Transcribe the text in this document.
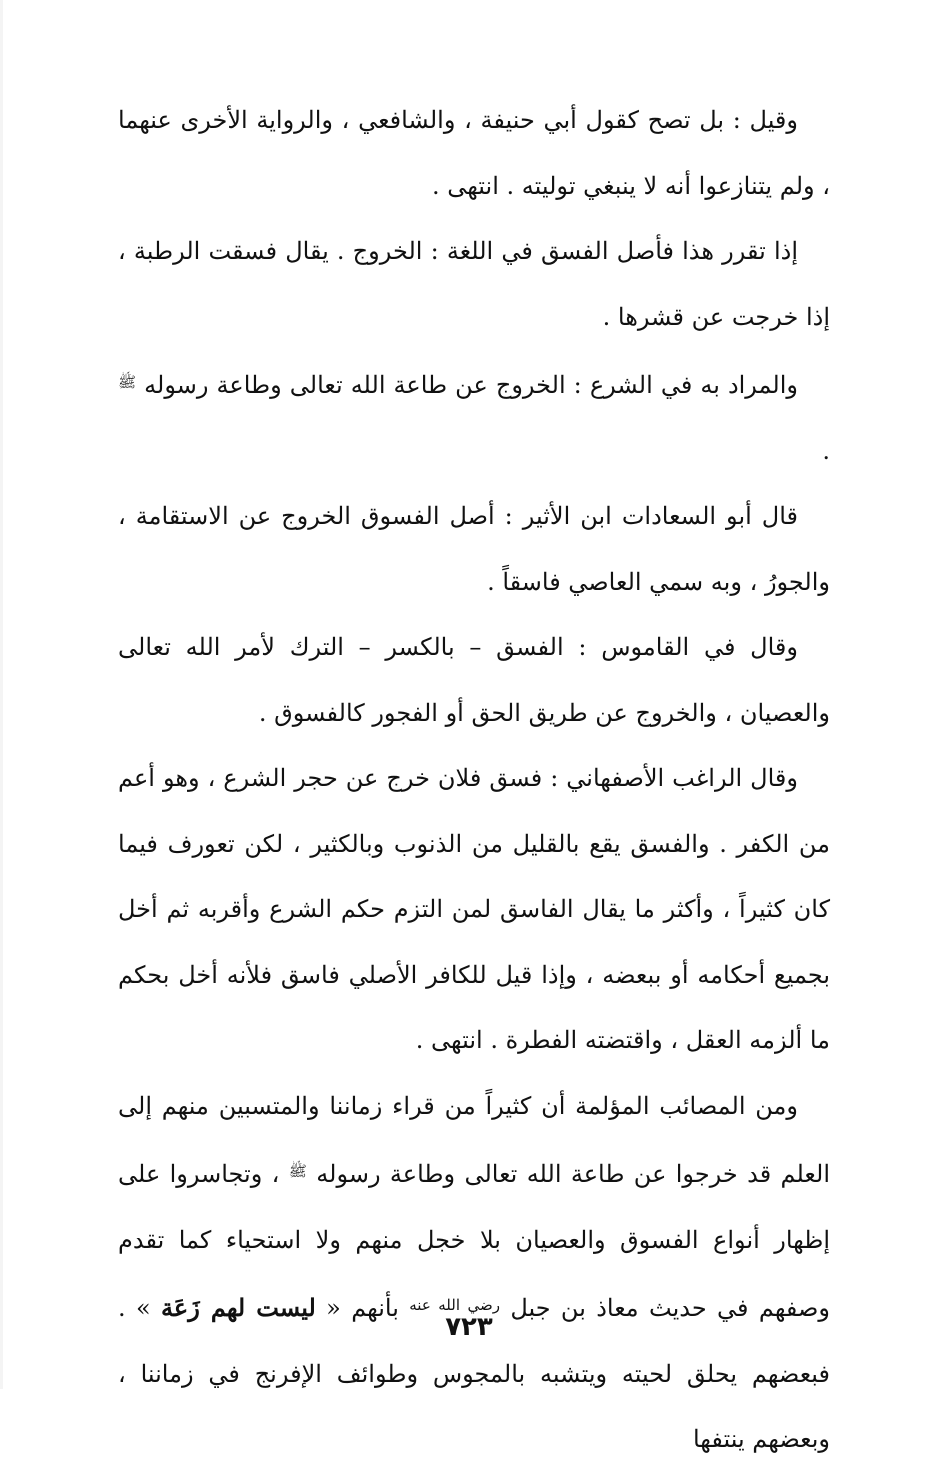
وقيل : بل تصح كقول أبي حنيفة ، والشافعي ، والرواية الأخرى عنهما ، ولم يتنازعوا أنه لا ينبغي توليته . انتهى .

إذا تقرر هذا فأصل الفسق في اللغة : الخروج . يقال فسقت الرطبة ، إذا خرجت عن قشرها .

والمراد به في الشرع : الخروج عن طاعة الله تعالى وطاعة رسوله $^ﷺ$ .

قال أبو السعادات ابن الأثير : أصل الفسوق الخروج عن الاستقامة ، والجورُ ، وبه سمي العاصي فاسقاً .

وقال في القاموس : الفسق – بالكسر – الترك لأمر الله تعالى والعصيان ، والخروج عن طريق الحق أو الفجور كالفسوق .

وقال الراغب الأصفهاني : فسق فلان خرج عن حجر الشرع ، وهو أعم من الكفر . والفسق يقع بالقليل من الذنوب وبالكثير ، لكن تعورف فيما كان كثيراً ، وأكثر ما يقال الفاسق لمن التزم حكم الشرع وأقربه ثم أخل بجميع أحكامه أو ببعضه ، وإذا قيل للكافر الأصلي فاسق فلأنه أخل بحكم ما ألزمه العقل ، واقتضته الفطرة . انتهى .

ومن المصائب المؤلمة أن كثيراً من قراء زماننا والمتسبين منهم إلى العلم قد خرجوا عن طاعة الله تعالى وطاعة رسوله $^ﷺ$ ، وتجاسروا على إظهار أنواع الفسوق والعصيان بلا خجل منهم ولا استحياء كما تقدم وصفهم في حديث معاذ بن جبل $^{رضي الله عنه}$ بأنهم « ليست لهم زَعَة » . فبعضهم يحلق لحيته ويتشبه بالمجوس وطوائف الإفرنج في زماننا ، وبعضهم ينتفها

٧٢٣
